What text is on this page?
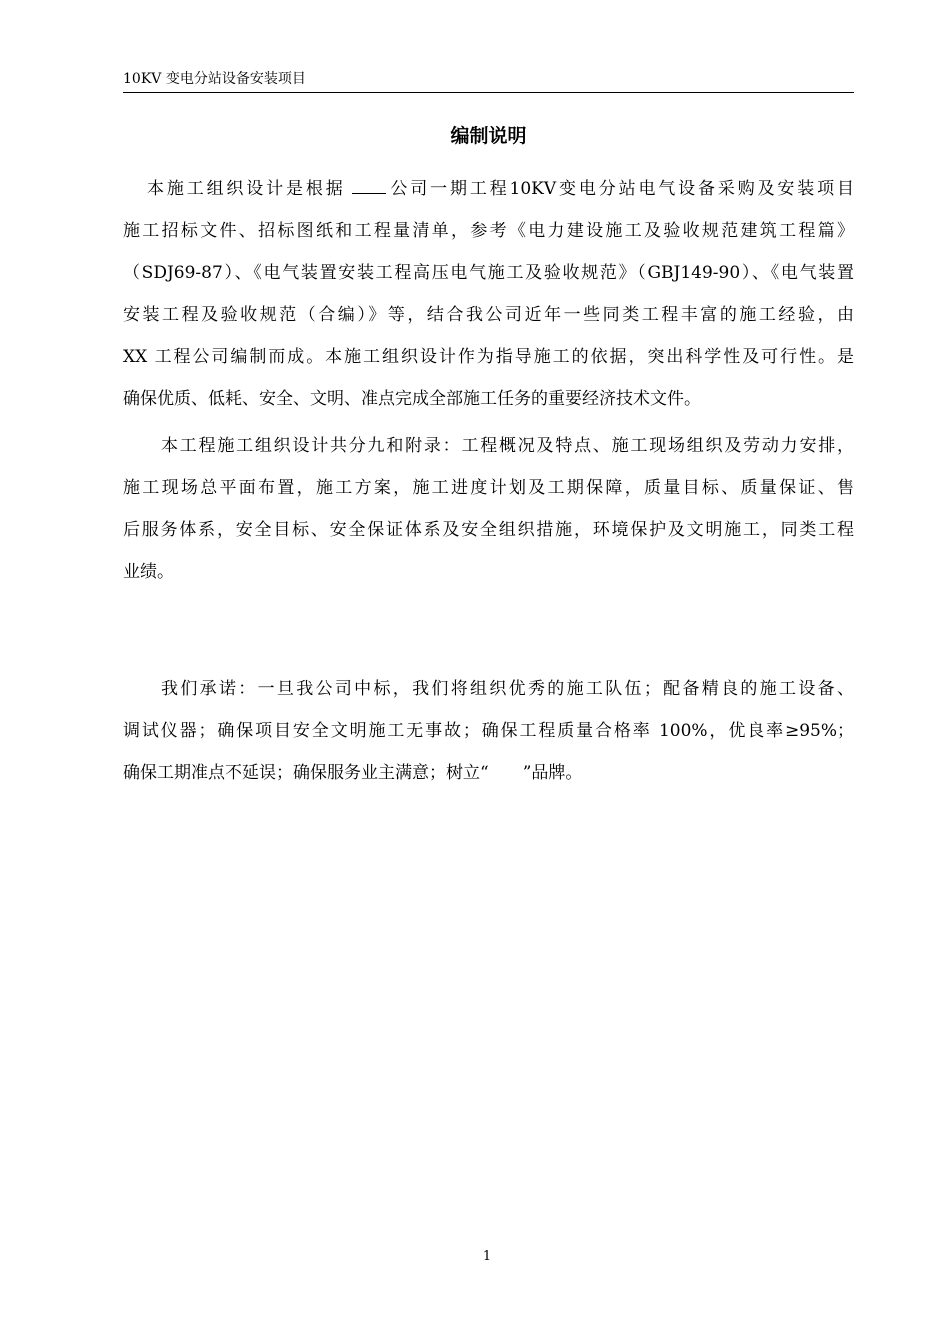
10KV 变电分站设备安装项目
编制说明
本施工组织设计是根据 公司一期工程10KV变电分站电气设备采购及安装项目
施工招标文件、招标图纸和工程量清单，参考《电力建设施工及验收规范建筑工程篇》
（SDJ69-87）、《电气装置安装工程高压电气施工及验收规范》（GBJ149-90）、《电气装置
安装工程及验收规范（合编）》等，结合我公司近年一些同类工程丰富的施工经验，由
XX 工程公司编制而成。本施工组织设计作为指导施工的依据，突出科学性及可行性。是
确保优质、低耗、安全、文明、准点完成全部施工任务的重要经济技术文件。
本工程施工组织设计共分九和附录：工程概况及特点、施工现场组织及劳动力安排，
施工现场总平面布置，施工方案，施工进度计划及工期保障，质量目标、质量保证、售
后服务体系，安全目标、安全保证体系及安全组织措施，环境保护及文明施工，同类工程
业绩。
我们承诺：一旦我公司中标，我们将组织优秀的施工队伍；配备精良的施工设备、
调试仪器；确保项目安全文明施工无事故；确保工程质量合格率 100%，优良率≥95%；
确保工期准点不延误；确保服务业主满意；树立“　　”品牌。
1
